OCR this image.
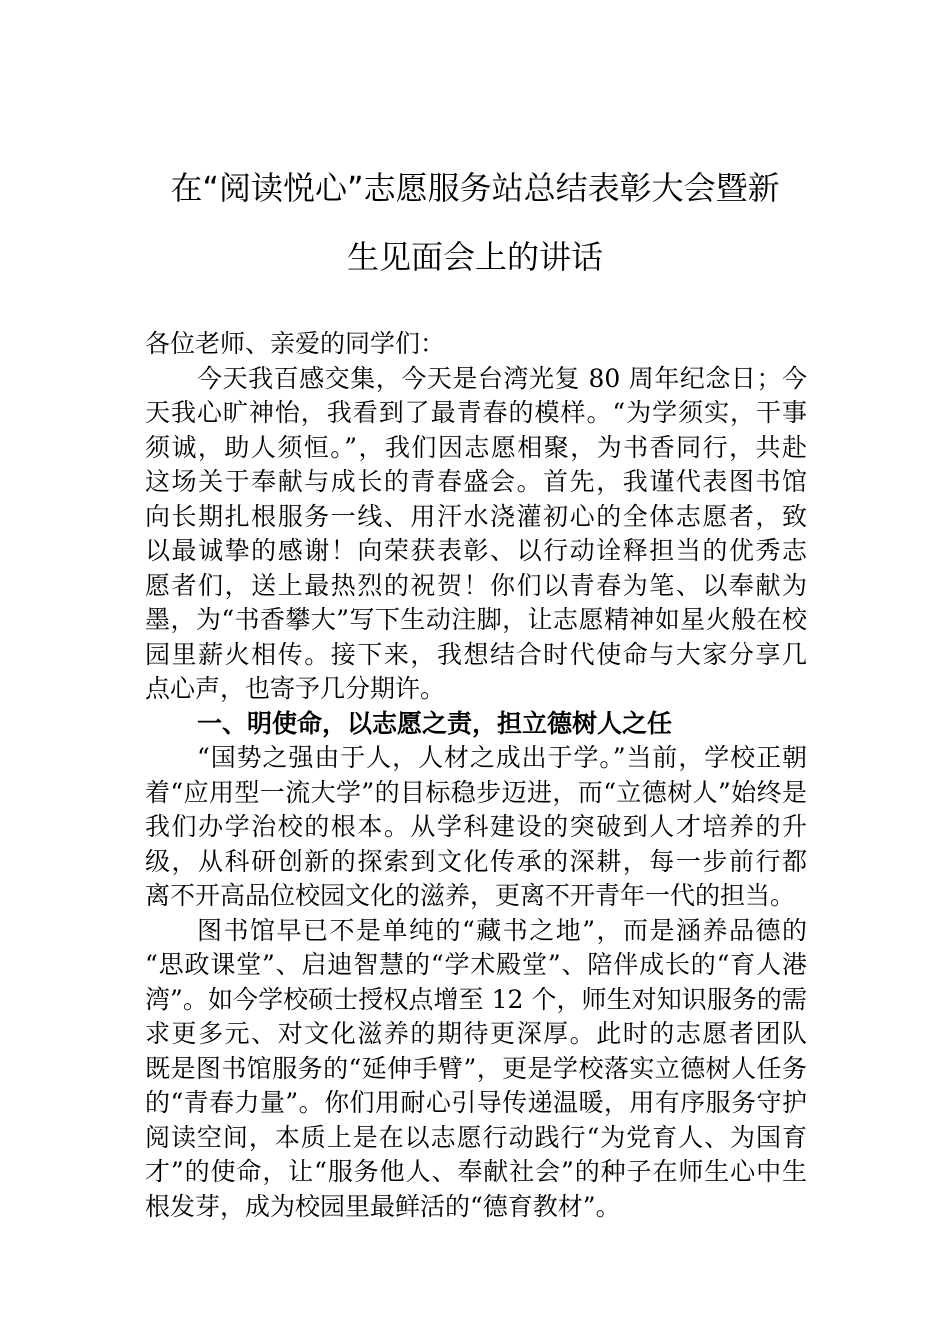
在“阅读悦心”志愿服务站总结表彰大会暨新
生见面会上的讲话
各位老师、亲爱的同学们：
今天我百感交集，今天是台湾光复 80 周年纪念日；今
天我心旷神怡，我看到了最青春的模样。“为学须实，干事
须诚，助人须恒。”，我们因志愿相聚，为书香同行，共赴
这场关于奉献与成长的青春盛会。首先，我谨代表图书馆
向长期扎根服务一线、用汗水浇灌初心的全体志愿者，致
以最诚挚的感谢！向荣获表彰、以行动诠释担当的优秀志
愿者们，送上最热烈的祝贺！你们以青春为笔、以奉献为
墨，为“书香攀大”写下生动注脚，让志愿精神如星火般在校
园里薪火相传。接下来，我想结合时代使命与大家分享几
点心声，也寄予几分期许。
一、明使命，以志愿之责，担立德树人之任
“国势之强由于人，人材之成出于学。”当前，学校正朝
着“应用型一流大学”的目标稳步迈进，而“立德树人”始终是
我们办学治校的根本。从学科建设的突破到人才培养的升
级，从科研创新的探索到文化传承的深耕，每一步前行都
离不开高品位校园文化的滋养，更离不开青年一代的担当。
图书馆早已不是单纯的“藏书之地”，而是涵养品德的
“思政课堂”、启迪智慧的“学术殿堂”、陪伴成长的“育人港
湾”。如今学校硕士授权点增至 12 个，师生对知识服务的需
求更多元、对文化滋养的期待更深厚。此时的志愿者团队
既是图书馆服务的“延伸手臂”，更是学校落实立德树人任务
的“青春力量”。你们用耐心引导传递温暖，用有序服务守护
阅读空间，本质上是在以志愿行动践行“为党育人、为国育
才”的使命，让“服务他人、奉献社会”的种子在师生心中生
根发芽，成为校园里最鲜活的“德育教材”。
